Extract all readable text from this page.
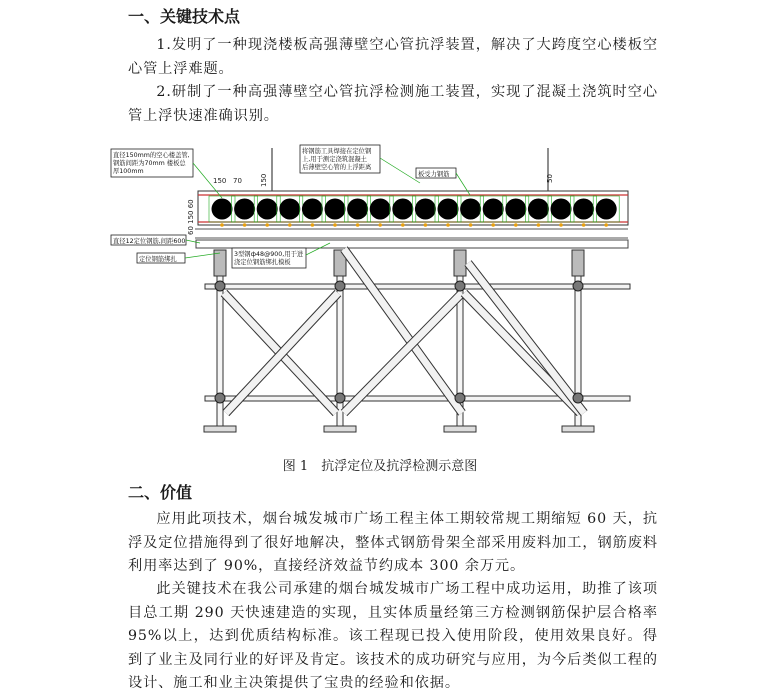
一、关键技术点
1.发明了一种现浇楼板高强薄壁空心管抗浮装置，解决了大跨度空心楼板空心管上浮难题。
2.研制了一种高强薄壁空心管抗浮检测施工装置，实现了混凝土浇筑时空心管上浮快速准确识别。
直径150mm的空心楼盖管,
钢筋间距为70mm 楼板总
厚100mm
将钢筋工具焊接在定位钢
上,用于测定浇筑混凝土
后薄壁空心管的上浮距离
板受力钢筋
直径12定位钢筋,间距600
定位钢筋绑扎
3型钢ф48@900,用于进
浇定位钢筋绑扎模板
150 70	150
60 150 60
50
图 1　抗浮定位及抗浮检测示意图
二、价值
应用此项技术，烟台城发城市广场工程主体工期较常规工期缩短 60 天，抗浮及定位措施得到了很好地解决，整体式钢筋骨架全部采用废料加工，钢筋废料利用率达到了 90%，直接经济效益节约成本 300 余万元。
此关键技术在我公司承建的烟台城发城市广场工程中成功运用，助推了该项目总工期 290 天快速建造的实现，且实体质量经第三方检测钢筋保护层合格率 95%以上，达到优质结构标准。该工程现已投入使用阶段，使用效果良好。得到了业主及同行业的好评及肯定。该技术的成功研究与应用，为今后类似工程的设计、施工和业主决策提供了宝贵的经验和依据。
